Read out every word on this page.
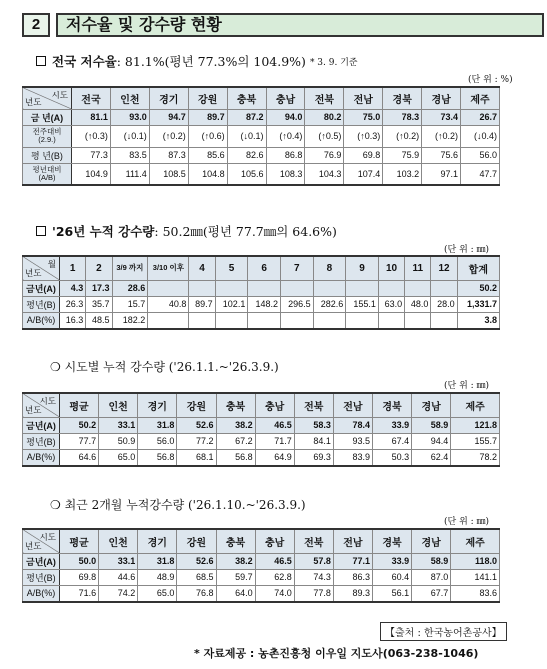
2	저수율 및 강수량 현황
전국 저수율 : 81.1%(평년 77.3%의 104.9%) * 3. 9. 기준
(단 위 : %)
시도
년도	전국	인천	경기	강원	충북	충남	전북	전남	경북	경남	제주
금 년(A)	81.1	93.0	94.7	89.7	87.2	94.0	80.2	75.0	78.3	73.4	26.7

전주대비
(2.9.)	(↑0.3)	(↓0.1)	(↑0.2)	(↑0.6)	(↓0.1)	(↑0.4)	(↑0.5)	(↑0.3)	(↑0.2)	(↑0.2)	(↓0.4)
평 년(B)	77.3	83.5	87.3	85.6	82.6	86.8	76.9	69.8	75.9	75.6	56.0

평년대비
(A/B)	104.9	111.4	108.5	104.8	105.6	108.3	104.3	107.4	103.2	97.1	47.7
'26년 누적 강수량 : 50.2㎜(평년 77.7㎜의 64.6%)
(단 위 : ㎜)
월
년도	1	2	3/9 까지	3/10 이후	4	5	6	7	8	9	10	11	12	합계
금년(A)	4.3	17.3	28.6											50.2
평년(B)	26.3	35.7	15.7	40.8	89.7	102.1	148.2	296.5	282.6	155.1	63.0	48.0	28.0	1,331.7
A/B(%)	16.3	48.5	182.2											3.8
❍ 시도별 누적 강수량 ('26.1.1.~'26.3.9.)
(단 위 : ㎜)
시도
년도	평균	인천	경기	강원	충북	충남	전북	전남	경북	경남	제주
금년(A)	50.2	33.1	31.8	52.6	38.2	46.5	58.3	78.4	33.9	58.9	121.8
평년(B)	77.7	50.9	56.0	77.2	67.2	71.7	84.1	93.5	67.4	94.4	155.7
A/B(%)	64.6	65.0	56.8	68.1	56.8	64.9	69.3	83.9	50.3	62.4	78.2
❍ 최근 2개월 누적강수량 ('26.1.10.~'26.3.9.)
(단 위 : ㎜)
시도
년도	평균	인천	경기	강원	충북	충남	전북	전남	경북	경남	제주
금년(A)	50.0	33.1	31.8	52.6	38.2	46.5	57.8	77.1	33.9	58.9	118.0
평년(B)	69.8	44.6	48.9	68.5	59.7	62.8	74.3	86.3	60.4	87.0	141.1
A/B(%)	71.6	74.2	65.0	76.8	64.0	74.0	77.8	89.3	56.1	67.7	83.6
【출처 : 한국농어촌공사】
* 자료제공 : 농촌진흥청 이우일 지도사(063-238-1046)
